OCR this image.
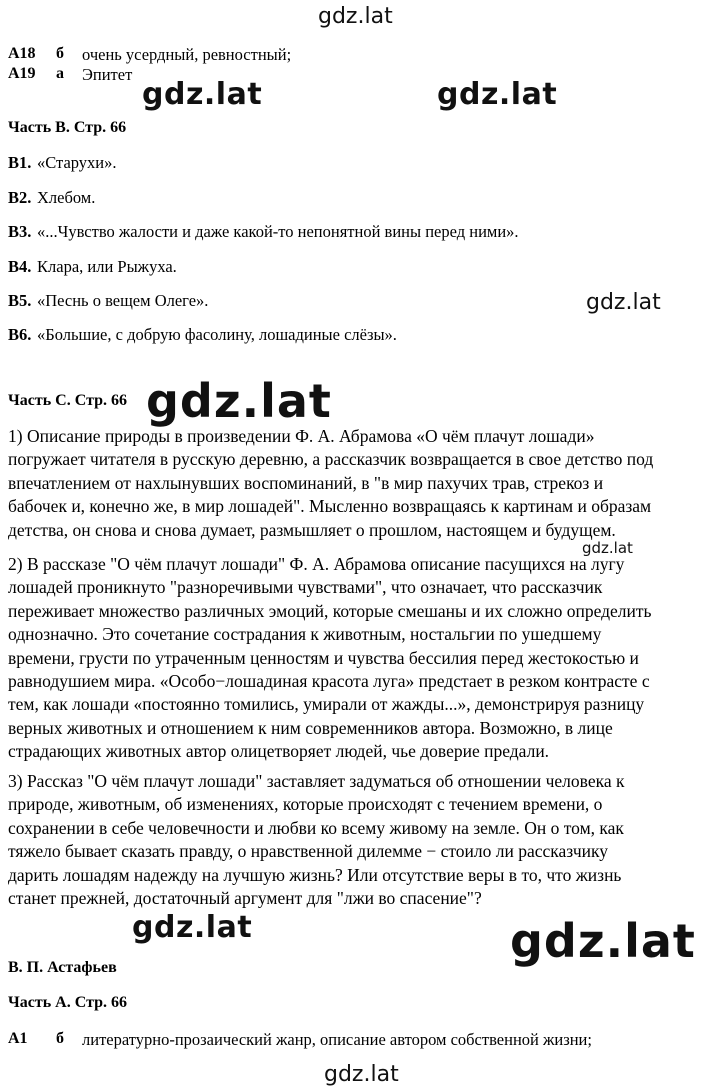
gdz.lat
А18 б очень усердный, ревностный;
А19 а Эпитет
gdz.lat	gdz.lat
Часть В. Стр. 66
В1. «Старухи».
В2. Хлебом.
В3. «...Чувство жалости и даже какой-то непонятной вины перед ними».
В4. Клара, или Рыжуха.
В5. «Песнь о вещем Олеге».
В6. «Большие, с добрую фасолину, лошадиные слёзы».
gdz.lat
Часть С. Стр. 66 gdz.lat
1) Описание природы в произведении Ф. А. Абрамова «О чём плачут лошади»
погружает читателя в русскую деревню, а рассказчик возвращается в свое детство под
впечатлением от нахлынувших воспоминаний, в "в мир пахучих трав, стрекоз и
бабочек и, конечно же, в мир лошадей". Мысленно возвращаясь к картинам и образам
детства, он снова и снова думает, размышляет о прошлом, настоящем и будущем.
gdz.lat
2) В рассказе "О чём плачут лошади" Ф. А. Абрамова описание пасущихся на лугу
лошадей проникнуто "разноречивыми чувствами", что означает, что рассказчик
переживает множество различных эмоций, которые смешаны и их сложно определить
однозначно. Это сочетание сострадания к животным, ностальгии по ушедшему
времени, грусти по утраченным ценностям и чувства бессилия перед жестокостью и
равнодушием мира. «Особо−лошадиная красота луга» предстает в резком контрасте с
тем, как лошади «постоянно томились, умирали от жажды...», демонстрируя разницу
верных животных и отношением к ним современников автора. Возможно, в лице
страдающих животных автор олицетворяет людей, чье доверие предали.
3) Рассказ "О чём плачут лошади" заставляет задуматься об отношении человека к
природе, животным, об изменениях, которые происходят с течением времени, о
сохранении в себе человечности и любви ко всему живому на земле. Он о том, как
тяжело бывает сказать правду, о нравственной дилемме − стоило ли рассказчику
дарить лошадям надежду на лучшую жизнь? Или отсутствие веры в то, что жизнь
станет прежней, достаточный аргумент для "лжи во спасение"?
gdz.lat	gdz.lat
В. П. Астафьев
Часть А. Стр. 66
А1 б литературно-прозаический жанр, описание автором собственной жизни;
gdz.lat
